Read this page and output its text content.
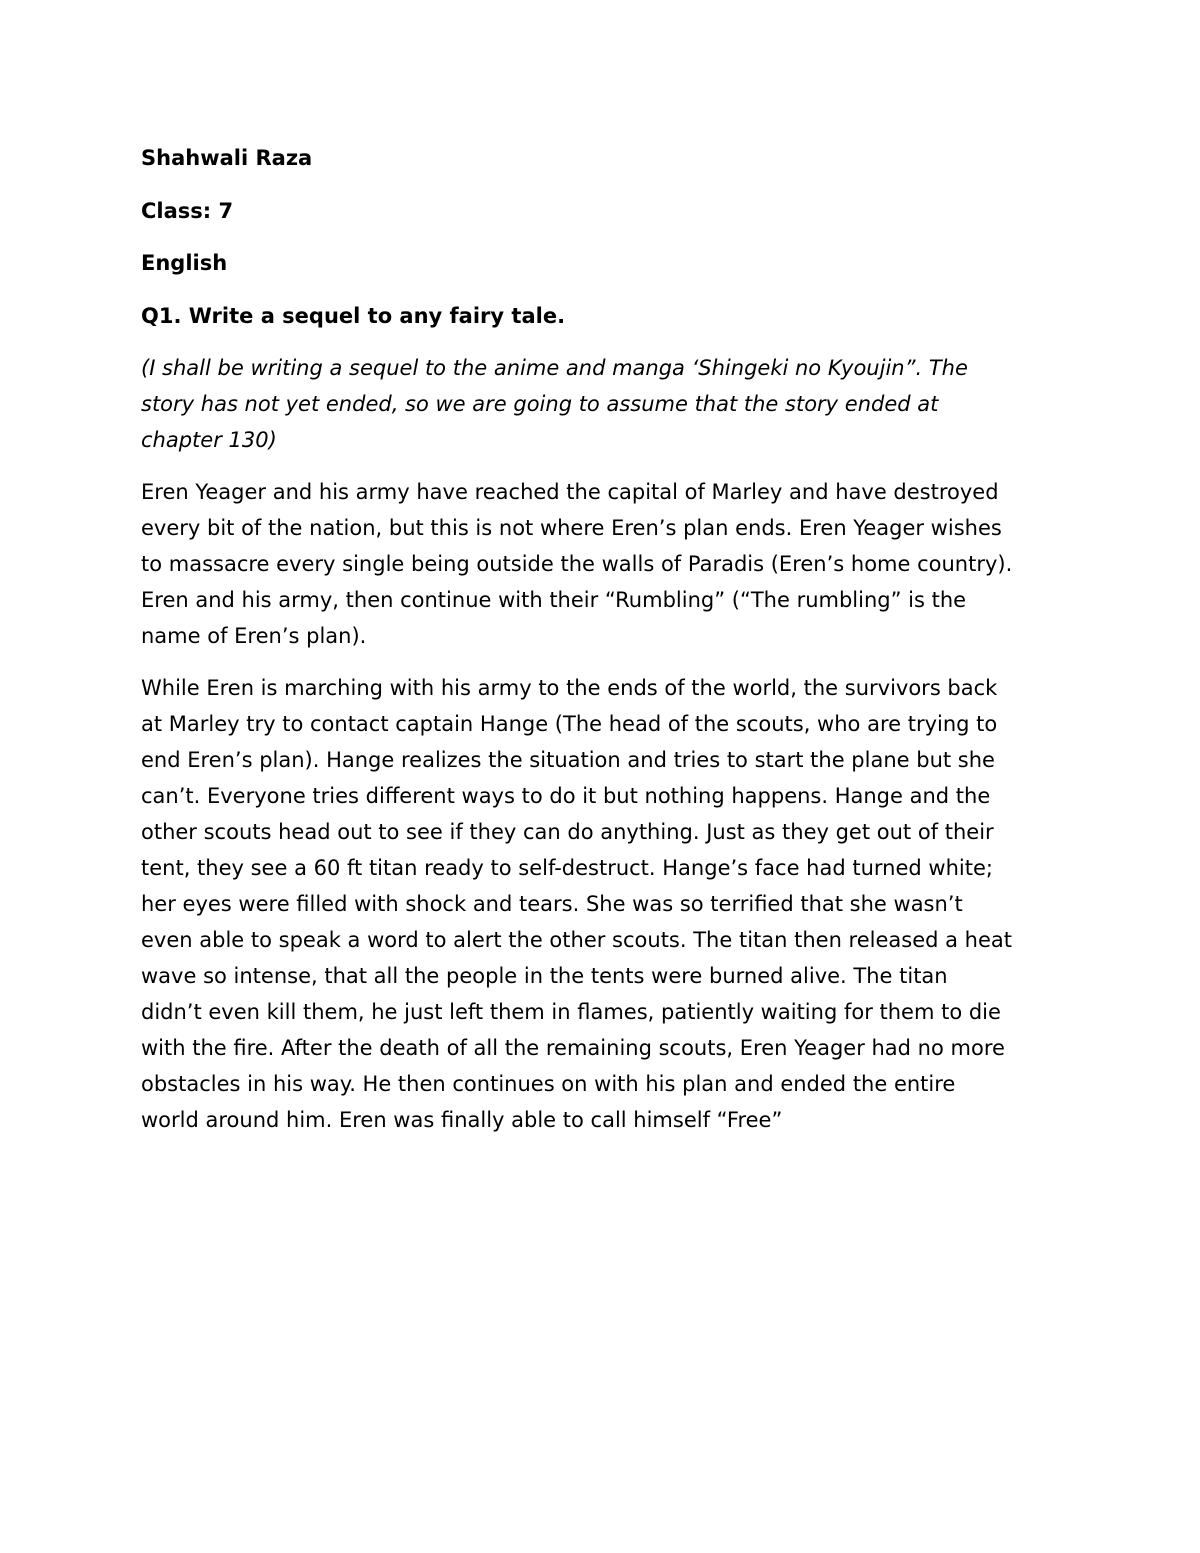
Shahwali Raza

Class: 7

English

Q1. Write a sequel to any fairy tale.

(I shall be writing a sequel to the anime and manga ‘Shingeki no Kyoujin”. The

story has not yet ended, so we are going to assume that the story ended at

chapter 130)

Eren Yeager and his army have reached the capital of Marley and have destroyed

every bit of the nation, but this is not where Eren’s plan ends. Eren Yeager wishes

to massacre every single being outside the walls of Paradis (Eren’s home country).

Eren and his army, then continue with their “Rumbling” (“The rumbling” is the

name of Eren’s plan).

While Eren is marching with his army to the ends of the world, the survivors back

at Marley try to contact captain Hange (The head of the scouts, who are trying to

end Eren’s plan). Hange realizes the situation and tries to start the plane but she

can’t. Everyone tries different ways to do it but nothing happens. Hange and the

other scouts head out to see if they can do anything. Just as they get out of their

tent, they see a 60 ft titan ready to self-destruct. Hange’s face had turned white;

her eyes were filled with shock and tears. She was so terrified that she wasn’t

even able to speak a word to alert the other scouts. The titan then released a heat

wave so intense, that all the people in the tents were burned alive. The titan

didn’t even kill them, he just left them in flames, patiently waiting for them to die

with the fire. After the death of all the remaining scouts, Eren Yeager had no more

obstacles in his way. He then continues on with his plan and ended the entire

world around him. Eren was finally able to call himself “Free”
